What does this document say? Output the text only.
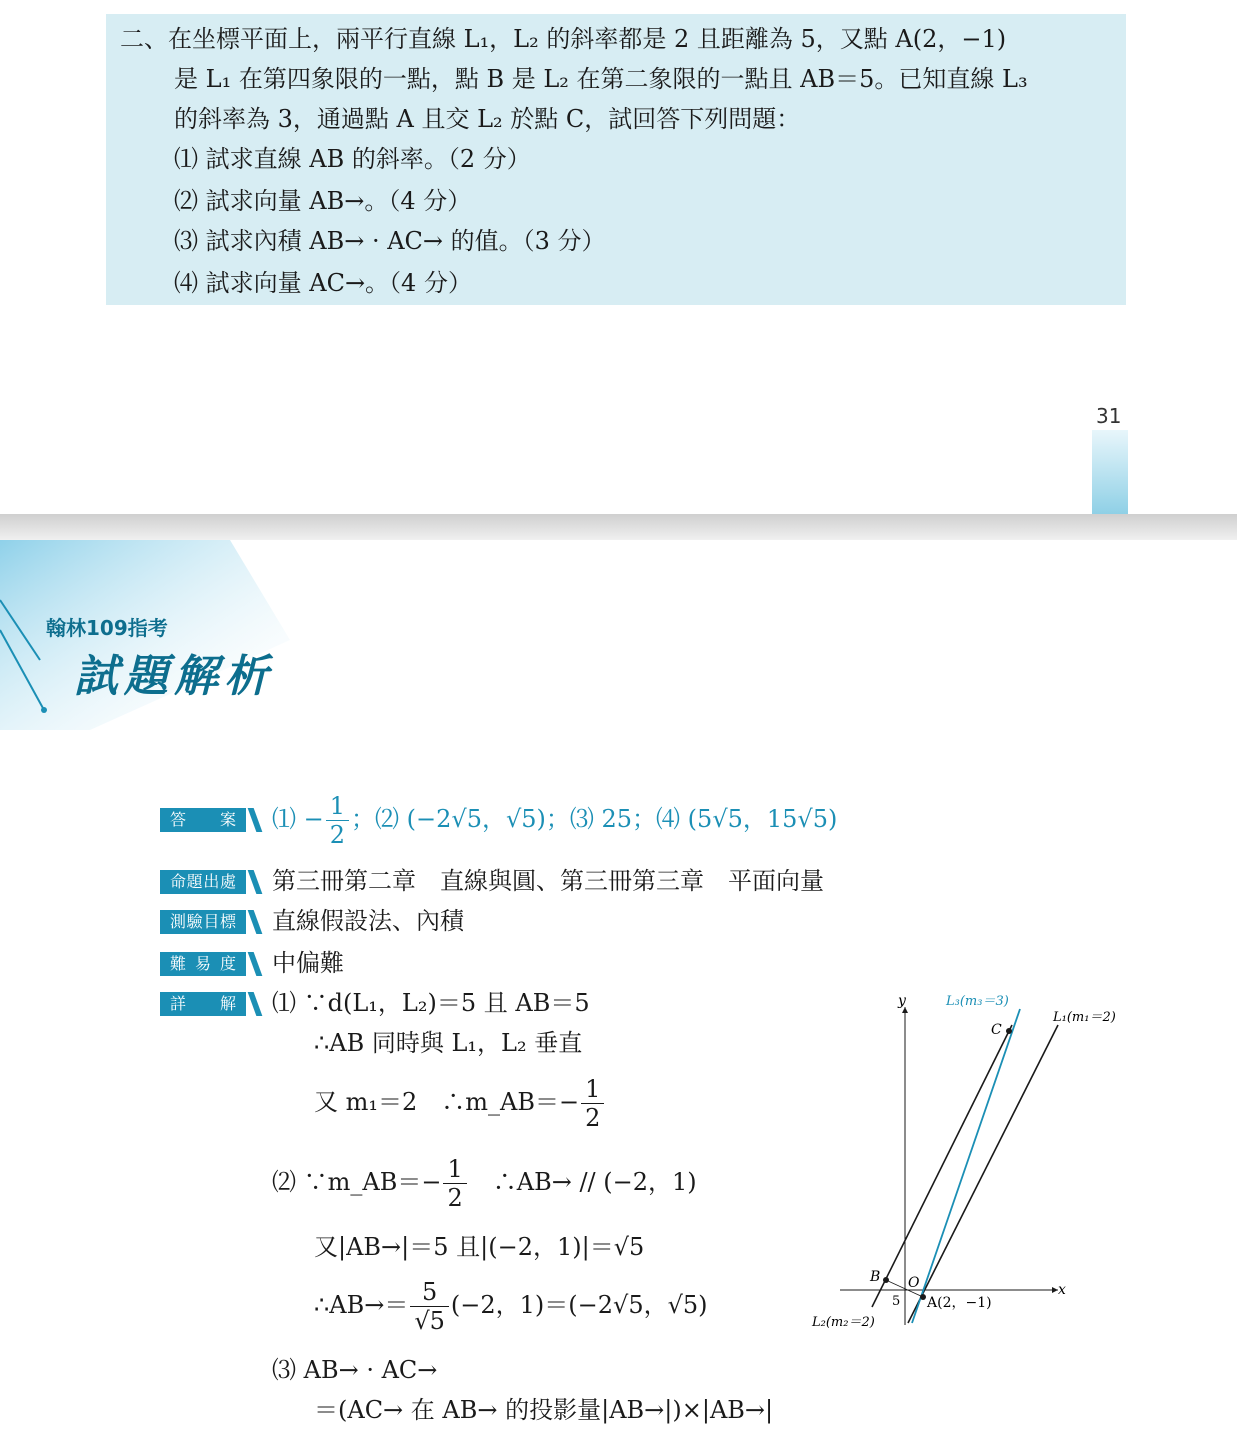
二、在坐標平面上，兩平行直線 L₁，L₂ 的斜率都是 2 且距離為 5，又點 A(2，−1)
是 L₁ 在第四象限的一點，點 B 是 L₂ 在第二象限的一點且 AB＝5。已知直線 L₃
的斜率為 3，通過點 A 且交 L₂ 於點 C，試回答下列問題：
⑴ 試求直線 AB 的斜率。（2 分）
⑵ 試求向量 AB→。（4 分）
⑶ 試求內積 AB→ · AC→ 的值。（3 分）
⑷ 試求向量 AC→。（4 分）
31
翰林109指考
試題解析
答案
命題出處
測驗目標
難易度
詳解
⑴ − $\frac{1}{2}$ ；⑵ (−2√5，√5)；⑶ 25；⑷ (5√5，15√5)
第三冊第二章　直線與圓、第三冊第三章　平面向量
直線假設法、內積
中偏難
⑴ ∵d(L₁，L₂)＝5 且 AB＝5
∴AB 同時與 L₁，L₂ 垂直
又 m₁＝2　∴m_AB＝− $\frac{1}{2}$
⑵ ∵m_AB＝− $\frac{1}{2}$
　 ∴AB→ // (−2，1)
又|AB→|＝5 且|(−2，1)|＝√5
∴AB→＝ $\frac{5}{√5} (-2$，1)＝(−2√5，√5)
⑶ AB→ · AC→
＝(AC→ 在 AB→ 的投影量|AB→|)×|AB→|
y
x
O
L₃(m₃＝3)
L₁(m₁＝2)
L₂(m₂＝2)
C
B
A(2，−1)
5
